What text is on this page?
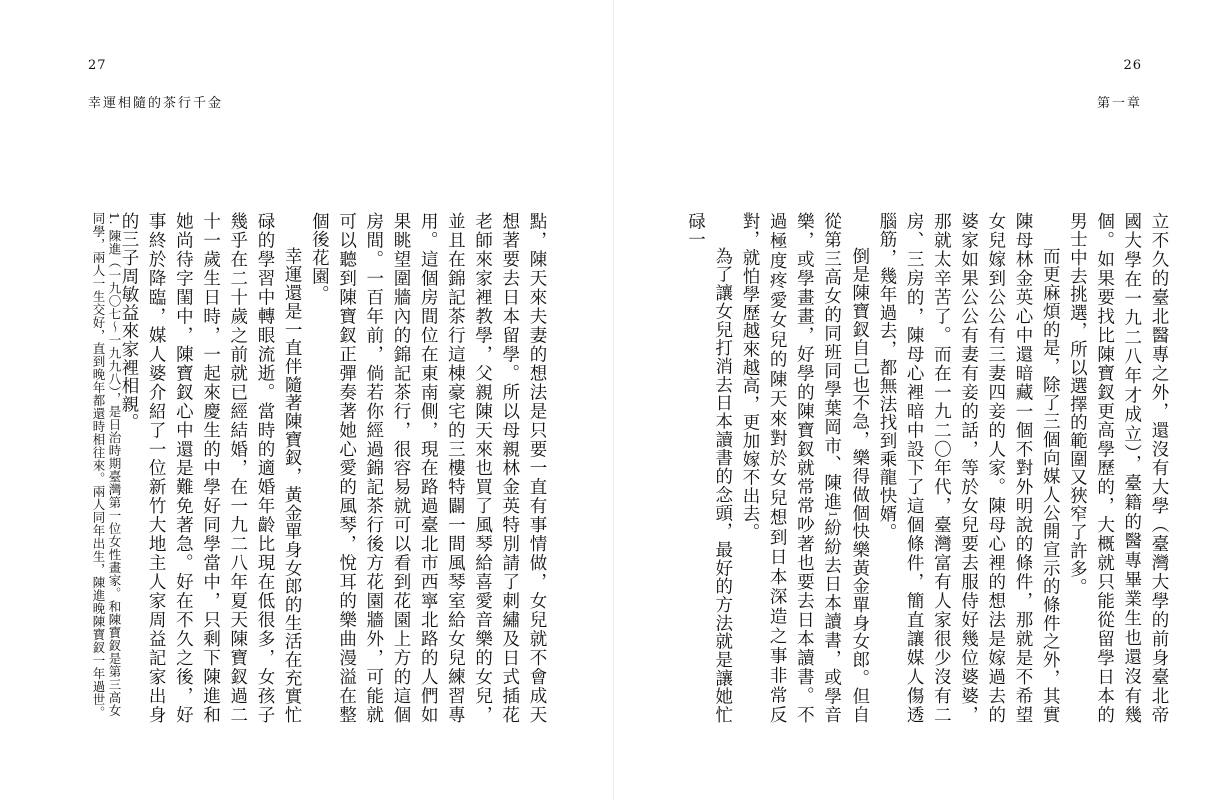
27
幸運相隨的茶行千金

點，陳天來夫妻的想法是只要一直有事情做，女兒就不會成天想著要去日本留學。所以母親林金英特別請了刺繡及日式插花老師來家裡教學，父親陳天來也買了風琴給喜愛音樂的女兒，並且在錦記茶行這棟豪宅的三樓特闢一間風琴室給女兒練習專用。這個房間位在東南側，現在路過臺北市西寧北路的人們如果眺望圍牆內的錦記茶行，很容易就可以看到花園上方的這個房間。一百年前，倘若你經過錦記茶行後方花園牆外，可能就可以聽到陳寶釵正彈奏著她心愛的風琴，悅耳的樂曲漫溢在整個後花園。

幸運還是一直伴隨著陳寶釵，黃金單身女郎的生活在充實忙碌的學習中轉眼流逝。當時的適婚年齡比現在低很多，女孩子幾乎在二十歲之前就已經結婚，在一九二八年夏天陳寶釵過二十一歲生日時，一起來慶生的中學好同學當中，只剩下陳進和她尚待字閨中，陳寶釵心中還是難免著急。好在不久之後，好事終於降臨，媒人婆介紹了一位新竹大地主人家周益記家出身的三子周敏益來家裡相親。

1. 陳進（一九〇七～一九九八），是日治時期臺灣第一位女性畫家。和陳寶釵是第三高女同學，兩人一生交好，直到晚年都還時相往來。兩人同年出生，陳進晚陳寶釵一年過世。

26
第一章

立不久的臺北醫專之外，還沒有大學（臺灣大學的前身臺北帝國大學在一九二八年才成立），臺籍的醫專畢業生也還沒有幾個。如果要找比陳寶釵更高學歷的，大概就只能從留學日本的男士中去挑選，所以選擇的範圍又狹窄了許多。

而更麻煩的是，除了三個向媒人公開宣示的條件之外，其實陳母林金英心中還暗藏一個不對外明說的條件，那就是不希望女兒嫁到公公有三妻四妾的人家。陳母心裡的想法是嫁過去的婆家如果公公有妻有妾的話，等於女兒要去服侍好幾位婆婆，那就太辛苦了。而在一九二〇年代，臺灣富有人家很少沒有二房、三房的，陳母心裡暗中設下了這個條件，簡直讓媒人傷透腦筋，幾年過去，都無法找到乘龍快婿。

倒是陳寶釵自己也不急，樂得做個快樂黃金單身女郎。但自從第三高女的同班同學葉岡市、陳進1紛紛去日本讀書，或學音樂，或學畫畫，好學的陳寶釵就常常吵著也要去日本讀書。不過極度疼愛女兒的陳天來對於女兒想到日本深造之事非常反對，就怕學歷越來越高，更加嫁不出去。

為了讓女兒打消去日本讀書的念頭，最好的方法就是讓她忙碌一
